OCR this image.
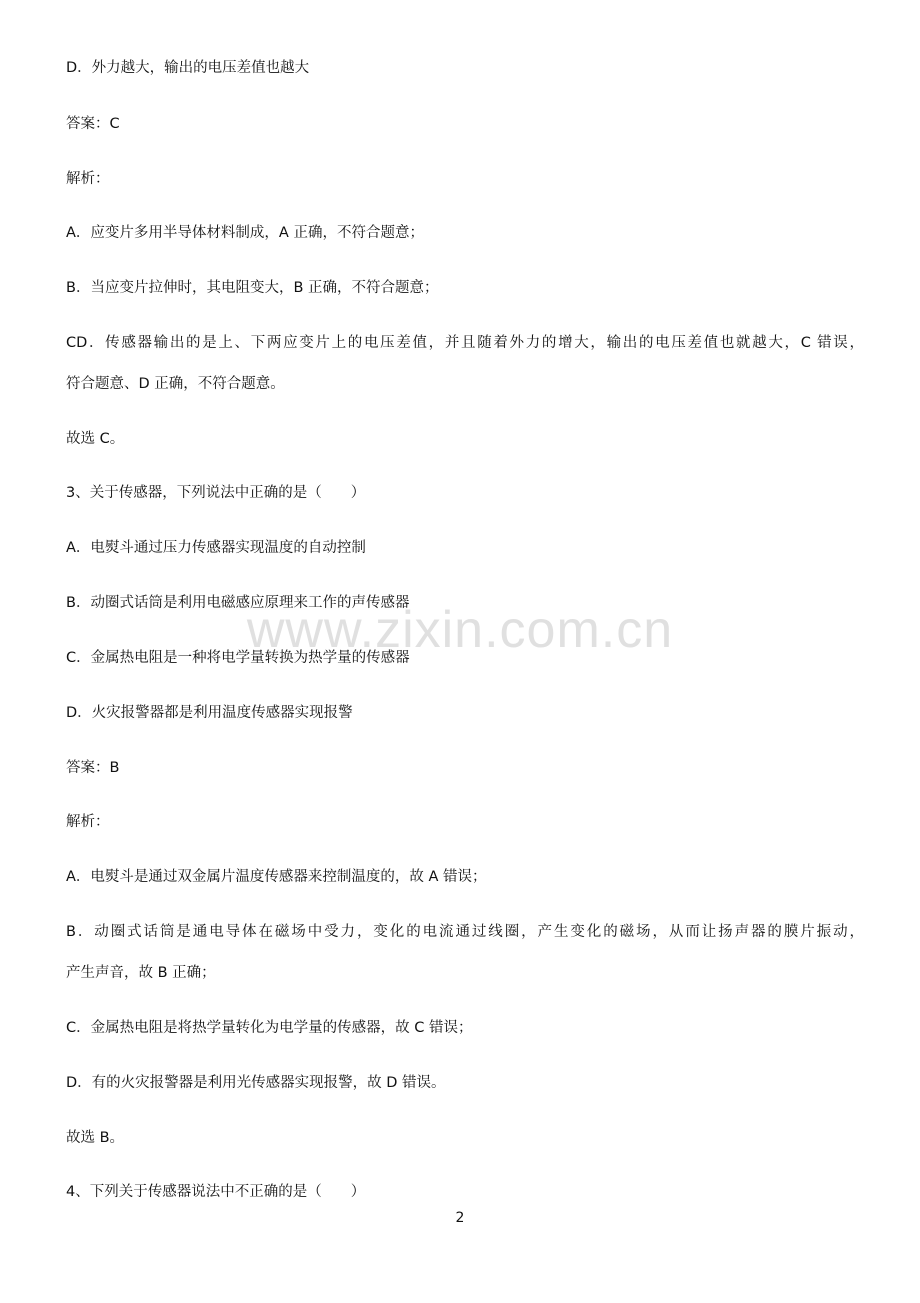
www.zixin.com.cn
D．外力越大，输出的电压差值也越大
答案：C
解析：
A．应变片多用半导体材料制成，A 正确，不符合题意；
B．当应变片拉伸时，其电阻变大，B 正确，不符合题意；
CD．传感器输出的是上、下两应变片上的电压差值，并且随着外力的增大，输出的电压差值也就越大，C 错误，
符合题意、D 正确，不符合题意。
故选 C。
3、关于传感器，下列说法中正确的是（　　）
A．电熨斗通过压力传感器实现温度的自动控制
B．动圈式话筒是利用电磁感应原理来工作的声传感器
C．金属热电阻是一种将电学量转换为热学量的传感器
D．火灾报警器都是利用温度传感器实现报警
答案：B
解析：
A．电熨斗是通过双金属片温度传感器来控制温度的，故 A 错误；
B．动圈式话筒是通电导体在磁场中受力，变化的电流通过线圈，产生变化的磁场，从而让扬声器的膜片振动，
产生声音，故 B 正确；
C．金属热电阻是将热学量转化为电学量的传感器，故 C 错误；
D．有的火灾报警器是利用光传感器实现报警，故 D 错误。
故选 B。
4、下列关于传感器说法中不正确的是（　　）
2
